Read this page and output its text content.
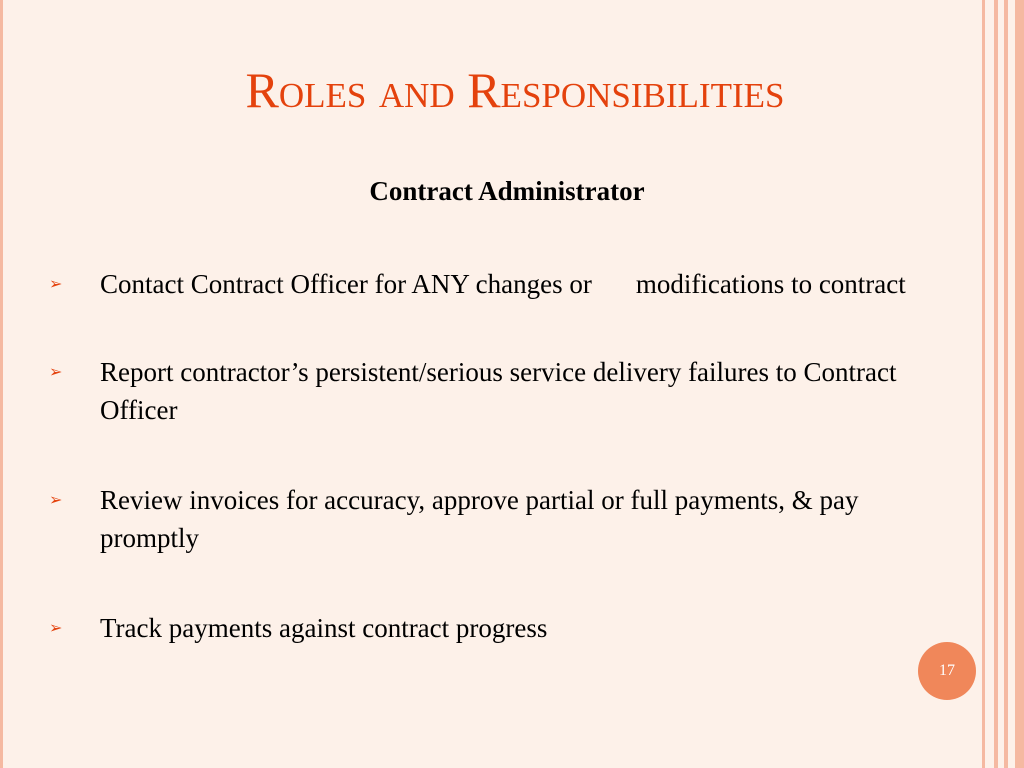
Roles and Responsibilities
Contract Administrator
➢ Contact Contract Officer for ANY changes or modifications to contract
➢ Report contractor’s persistent/serious service delivery failures to Contract Officer
➢ Review invoices for accuracy, approve partial or full payments, & pay promptly
➢ Track payments against contract progress
17
